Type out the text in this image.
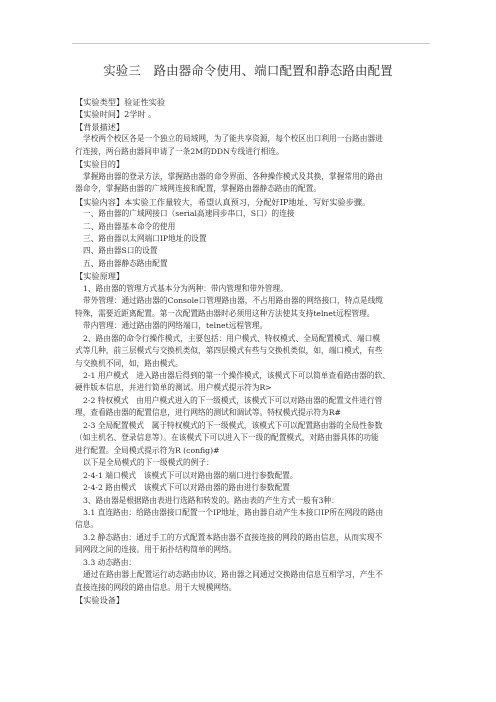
实验三　路由器命令使用、端口配置和静态路由配置
【实验类型】验证性实验
【实验时间】2学时 。
【背景描述】
学校两个校区各是一个独立的局域网，为了能共享资源，每个校区出口利用一台路由器进
行连接，两台路由器间申请了一条2M的DDN专线进行相连。
【实验目的】
掌握路由器的登录方法，掌握路由器的命令界面、各种操作模式及其换，掌握常用的路由
器命令，掌握路由器的广域网连接和配置，掌握路由器静态路由的配置。
【实验内容】本实验工作量较大，希望认真预习，分配好IP地址、写好实验步骤。
一、路由器的广域网接口（serial高速同步串口，S口）的连接
二、路由器基本命令的使用
三、路由器以太网端口IP地址的设置
四、路由器S口的设置
五、路由器静态路由配置
【实验原理】
1、路由器的管理方式基本分为两种：带内管理和带外管理。
带外管理：通过路由器的Console口管理路由器，不占用路由器的网络接口，特点是线缆
特殊，需要近距离配置。第一次配置路由器时必须用这种方法使其支持telnet远程管理。
带内管理：通过路由器的网络端口，telnet远程管理。
2、路由器的命令行操作模式，主要包括：用户模式、特权模式、全局配置模式、端口模
式等几种，前三层模式与交换机类似，第四层模式有些与交换机类似，如，端口模式，有些
与交换机不同，如，路由模式。
2-1 用户模式　进入路由器后得到的第一个操作模式，该模式下可以简单查看路由器的软、
硬件版本信息，并进行简单的测试。用户模式提示符为R>
2-2 特权模式　由用户模式进入的下一级模式，该模式下可以对路由器的配置文件进行管
理，查看路由器的配置信息，进行网络的测试和调试等。特权模式提示符为R#
2-3 全局配置模式　属于特权模式的下一级模式，该模式下可以配置路由器的全局性参数
（如主机名、登录信息等）。在该模式下可以进入下一级的配置模式，对路由器具体的功能
进行配置。全局模式提示符为R (config)#
以下是全局模式的下一级模式的例子：
2-4-1 端口模式　该模式下可以对路由器的端口进行参数配置。
2-4-2 路由模式　该模式下可以对路由器的路由进行参数配置
3、路由器是根据路由表进行选路和转发的。路由表的产生方式一般有3种：
3.1 直连路由：给路由器接口配置一个IP地址，路由器自动产生本接口IP所在网段的路由
信息。
3.2 静态路由：通过手工的方式配置本路由器不直接连接的网段的路由信息，从而实现不
同网段之间的连接。用于拓扑结构简单的网络。
3.3 动态路由：
通过在路由器上配置运行动态路由协议，路由器之间通过交换路由信息互相学习，产生不
直接连接的网段的路由信息。用于大规模网络。
【实验设备】
